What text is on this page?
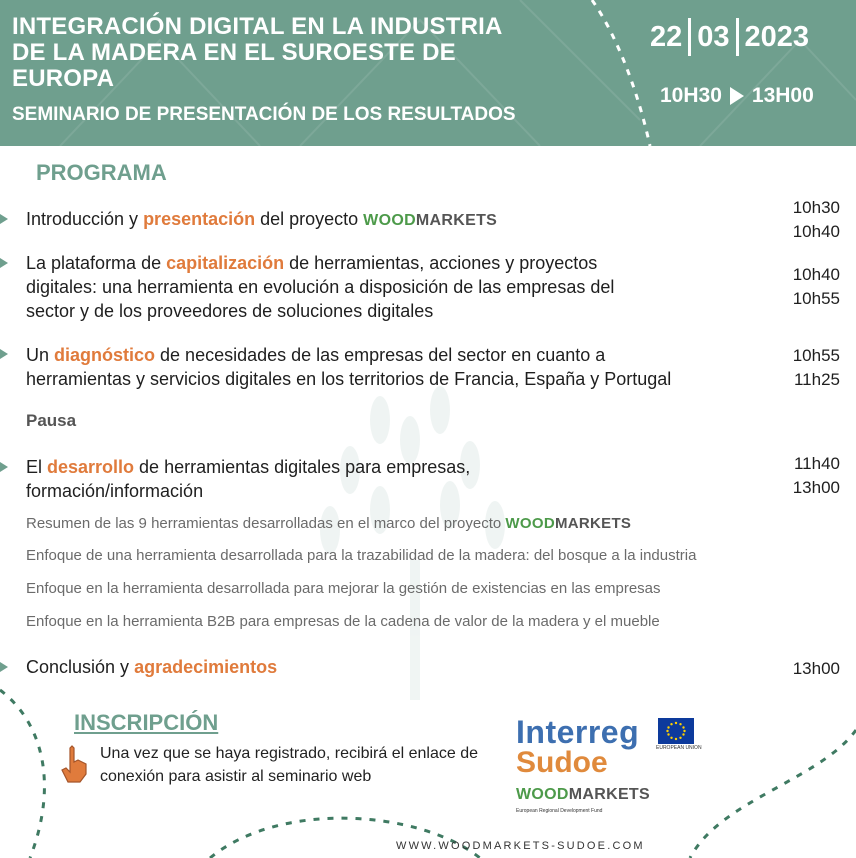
INTEGRACIÓN DIGITAL EN LA INDUSTRIA
DE LA MADERA EN EL SUROESTE DE
EUROPA
SEMINARIO DE PRESENTACIÓN DE LOS RESULTADOS
22 03 2023
10H30 13H00
PROGRAMA
Introducción y presentación del proyecto WOODMARKETS
10h30
10h40
La plataforma de capitalización de herramientas, acciones y proyectos
digitales: una herramienta en evolución a disposición de las empresas del
sector y de los proveedores de soluciones digitales
10h40
10h55
Un diagnóstico de necesidades de las empresas del sector en cuanto a
herramientas y servicios digitales en los territorios de Francia, España y Portugal
10h55
11h25
Pausa
El desarrollo de herramientas digitales para empresas,
formación/información
11h40
13h00
Resumen de las 9 herramientas desarrolladas en el marco del proyecto WOODMARKETS
Enfoque de una herramienta desarrollada para la trazabilidad de la madera: del bosque a la industria
Enfoque en la herramienta desarrollada para mejorar la gestión de existencias en las empresas
Enfoque en la herramienta B2B para empresas de la cadena de valor de la madera y el mueble
Conclusión y agradecimientos	13h00
INSCRIPCIÓN
Una vez que se haya registrado, recibirá el enlace de conexión para asistir al seminario web
Interreg	EUROPEAN UNION
Sudoe
WOODMARKETS
European Regional Development Fund
WWW.WOODMARKETS-SUDOE.COM
